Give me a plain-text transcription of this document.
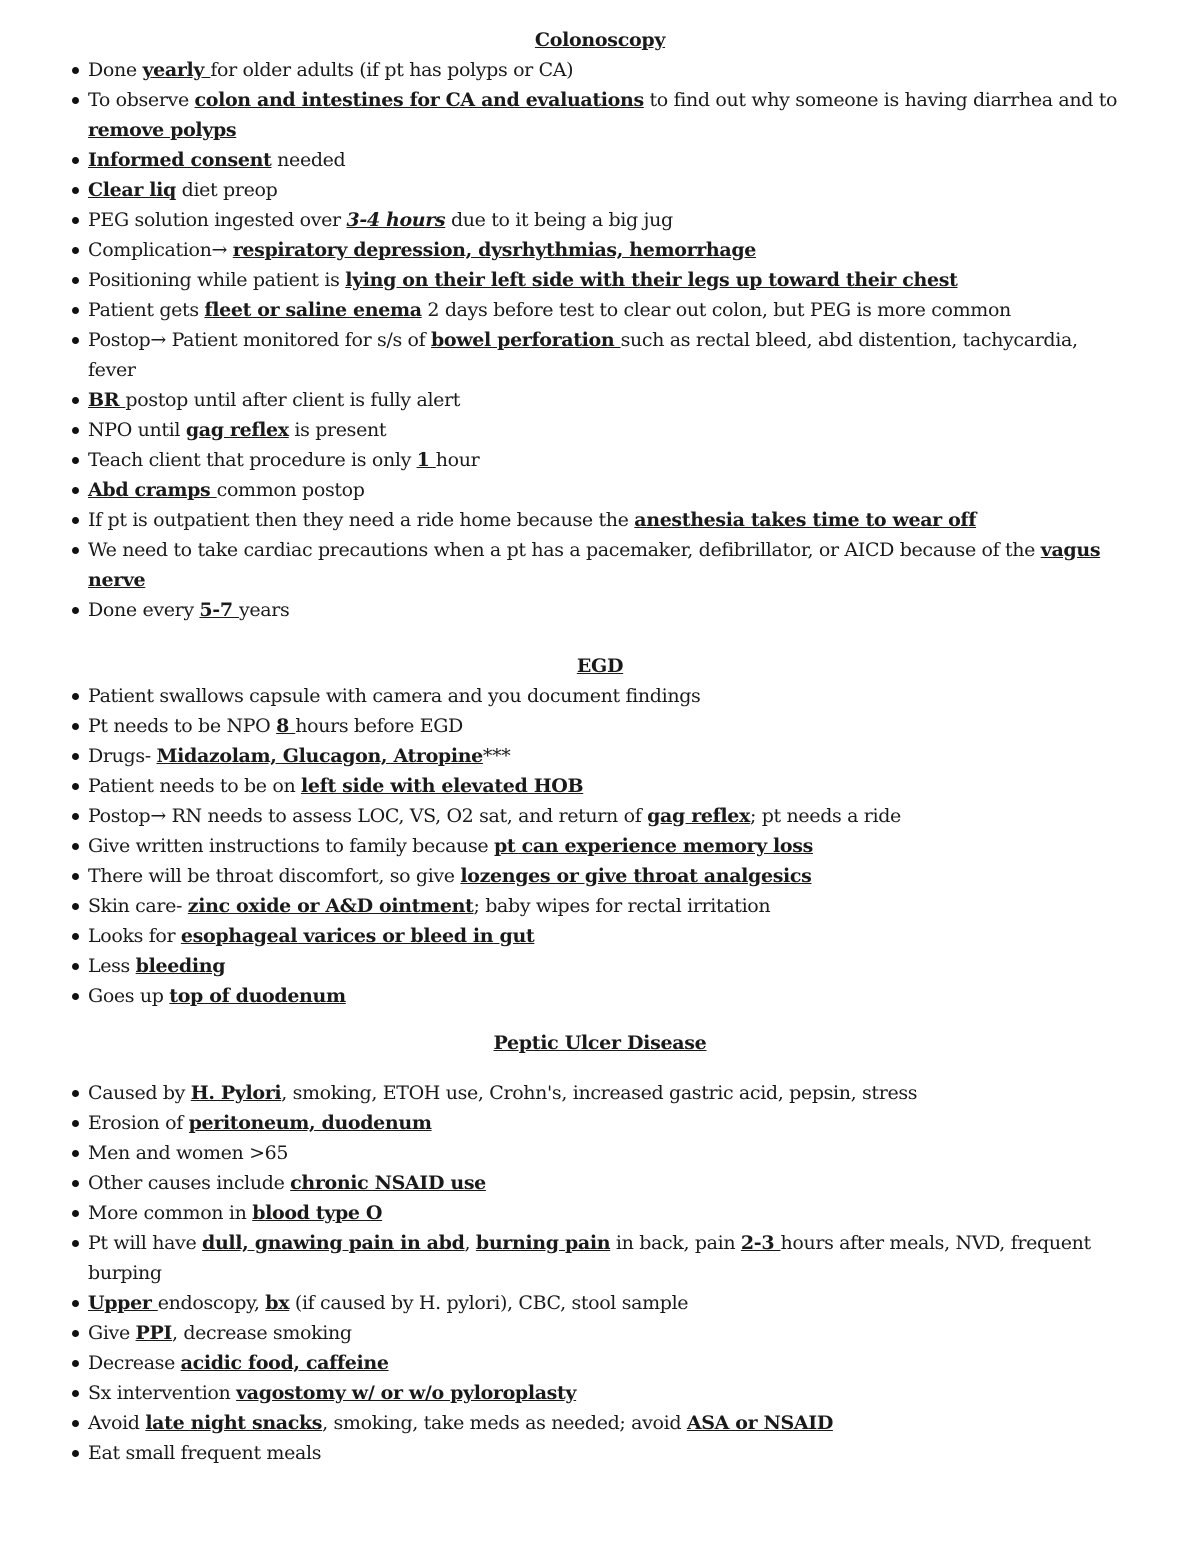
Colonoscopy
Done yearly for older adults (if pt has polyps or CA)
To observe colon and intestines for CA and evaluations to find out why someone is having diarrhea and to remove polyps
Informed consent needed
Clear liq diet preop
PEG solution ingested over 3-4 hours due to it being a big jug
Complication→ respiratory depression, dysrhythmias, hemorrhage
Positioning while patient is lying on their left side with their legs up toward their chest
Patient gets fleet or saline enema 2 days before test to clear out colon, but PEG is more common
Postop→ Patient monitored for s/s of bowel perforation such as rectal bleed, abd distention, tachycardia, fever
BR postop until after client is fully alert
NPO until gag reflex is present
Teach client that procedure is only 1 hour
Abd cramps common postop
If pt is outpatient then they need a ride home because the anesthesia takes time to wear off
We need to take cardiac precautions when a pt has a pacemaker, defibrillator, or AICD because of the vagus nerve
Done every 5-7 years
EGD
Patient swallows capsule with camera and you document findings
Pt needs to be NPO 8 hours before EGD
Drugs- Midazolam, Glucagon, Atropine***
Patient needs to be on left side with elevated HOB
Postop→ RN needs to assess LOC, VS, O2 sat, and return of gag reflex; pt needs a ride
Give written instructions to family because pt can experience memory loss
There will be throat discomfort, so give lozenges or give throat analgesics
Skin care- zinc oxide or A&D ointment; baby wipes for rectal irritation
Looks for esophageal varices or bleed in gut
Less bleeding
Goes up top of duodenum
Peptic Ulcer Disease
Caused by H. Pylori, smoking, ETOH use, Crohn's, increased gastric acid, pepsin, stress
Erosion of peritoneum, duodenum
Men and women >65
Other causes include chronic NSAID use
More common in blood type O
Pt will have dull, gnawing pain in abd, burning pain in back, pain 2-3 hours after meals, NVD, frequent burping
Upper endoscopy, bx (if caused by H. pylori), CBC, stool sample
Give PPI, decrease smoking
Decrease acidic food, caffeine
Sx intervention vagostomy w/ or w/o pyloroplasty
Avoid late night snacks, smoking, take meds as needed; avoid ASA or NSAID
Eat small frequent meals
